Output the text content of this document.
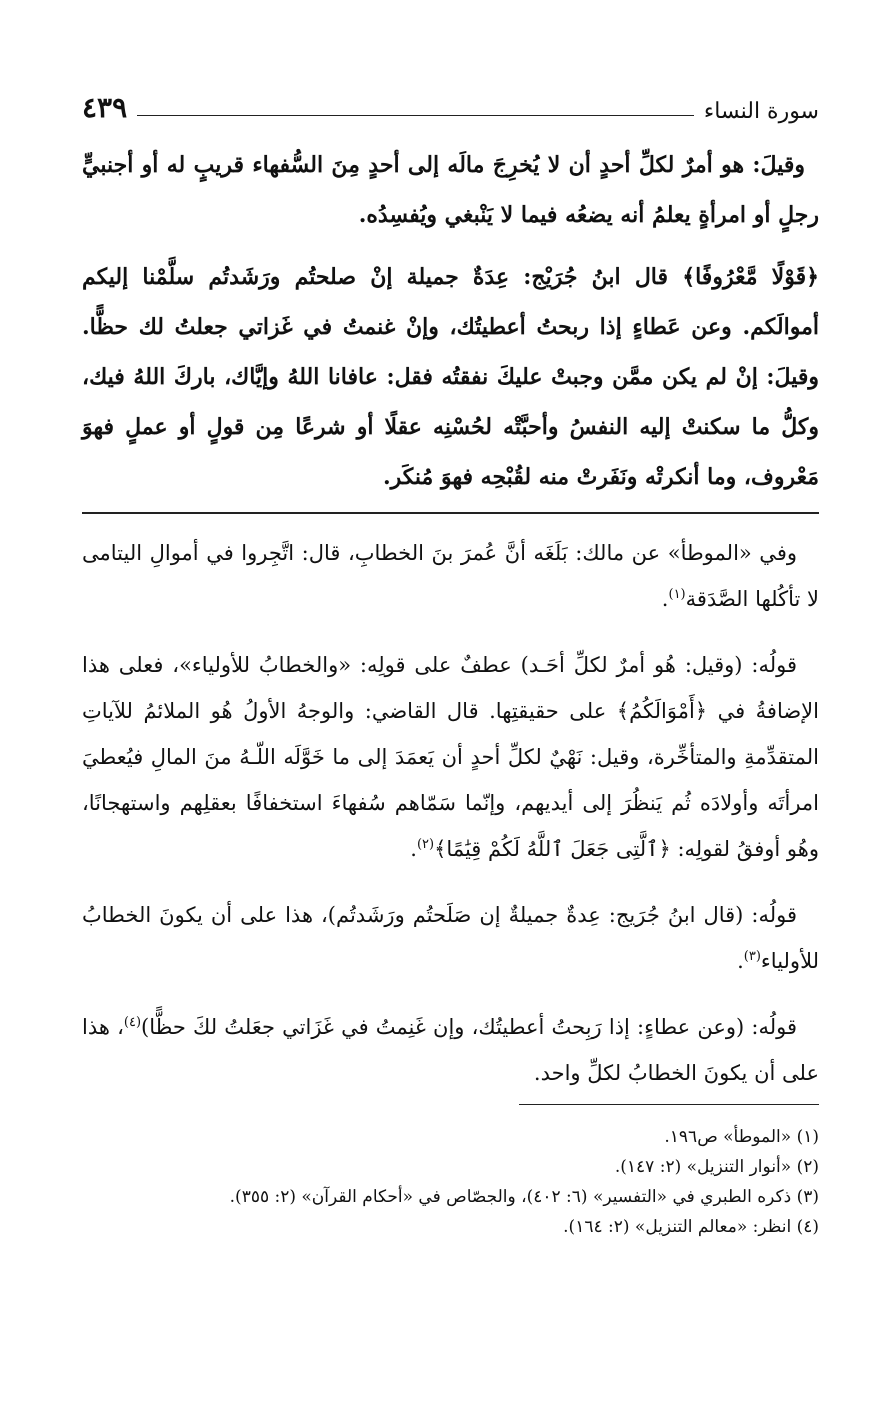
سورة النساء
٤٣٩

وقيلَ: هو أمرٌ لكلِّ أحدٍ أن لا يُخرِجَ مالَه إلى أحدٍ مِنَ السُّفهاء قريبٍ له أو أجنبيٍّ رجلٍ أو امرأةٍ يعلمُ أنه يضعُه فيما لا يَنْبغي ويُفسِدُه.

﴿قَوْلًا مَّعْرُوفًا﴾ قال ابنُ جُرَيْج: عِدَةٌ جميلة إنْ صلحتُم ورَشَدتُم سلَّمْنا إليكم أموالَكم. وعن عَطاءٍ إذا ربحتُ أعطيتُك، وإنْ غنمتُ في غَزاتي جعلتُ لك حظًّا. وقيلَ: إنْ لم يكن ممَّن وجبتْ عليكَ نفقتُه فقل: عافانا اللهُ وإيَّاك، باركَ اللهُ فيك، وكلُّ ما سكنتْ إليه النفسُ وأحبَّتْه لحُسْنِه عقلًا أو شرعًا مِن قولٍ أو عملٍ فهوَ مَعْروف، وما أنكرتْه ونَفَرتْ منه لقُبْحِه فهوَ مُنكَر.

وفي «الموطأ» عن مالك: بَلَغَه أنَّ عُمرَ بنَ الخطابِ، قال: اتَّجِروا في أموالِ اليتامى لا تأكُلها الصَّدَقة$^{(١)}$.

قولُه: (وقيل: هُو أمرٌ لكلِّ أحَـد) عطفٌ على قولِه: «والخطابُ للأولياء»، فعلى هذا الإضافةُ في ﴿أَمْوَالَكُمُ﴾ على حقيقتِها. قال القاضي: والوجهُ الأولُ هُو الملائمُ للآياتِ المتقدِّمةِ والمتأخِّرة، وقيل: نَهْيٌ لكلِّ أحدٍ أن يَعمَدَ إلى ما خَوَّلَه اللّـهُ منَ المالِ فيُعطيَ امرأتَه وأولادَه ثُم يَنظُرَ إلى أيديهم، وإنّما سَمّاهم سُفهاءَ استخفافًا بعقلِهم واستهجانًا، وهُو أوفقُ لقولِه: ﴿ٱلَّتِى جَعَلَ ٱللَّهُ لَكُمْ قِيَٰمًا﴾$^{(٢)}$.

قولُه: (قال ابنُ جُرَيج: عِدةٌ جميلةٌ إن صَلَحتُم ورَشَدتُم)، هذا على أن يكونَ الخطابُ للأولياء$^{(٣)}$.

قولُه: (وعن عطاءٍ: إذا رَبِحتُ أعطيتُك، وإن غَنِمتُ في غَزَاتي جعَلتُ لكَ حظًّا)$^{(٤)}$، هذا على أن يكونَ الخطابُ لكلِّ واحد.

(١) «الموطأ» ص١٩٦.

(٢) «أنوار التنزيل» (٢: ١٤٧).

(٣) ذكره الطبري في «التفسير» (٦: ٤٠٢)، والجصّاص في «أحكام القرآن» (٢: ٣٥٥).

(٤) انظر: «معالم التنزيل» (٢: ١٦٤).
